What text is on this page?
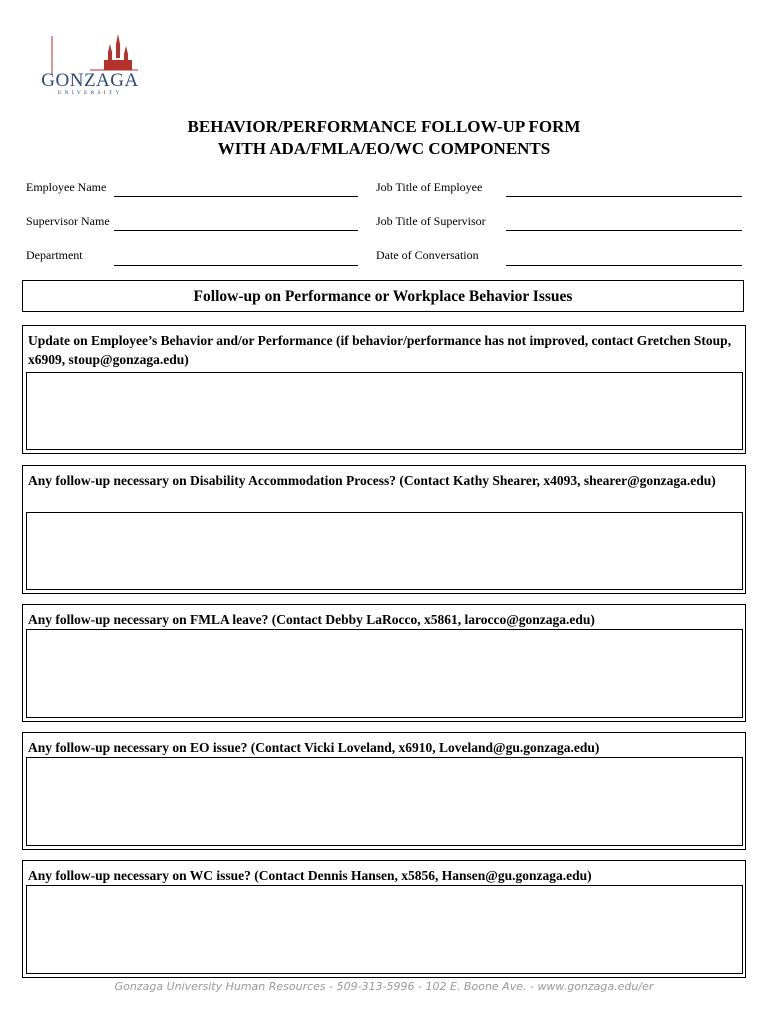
GONZAGA
UNIVERSITY
BEHAVIOR/PERFORMANCE FOLLOW-UP FORM
WITH ADA/FMLA/EO/WC COMPONENTS
Employee Name	Job Title of Employee
Supervisor Name	Job Title of Supervisor
Department	Date of Conversation
Follow-up on Performance or Workplace Behavior Issues
Update on Employee’s Behavior and/or Performance (if behavior/performance has not improved, contact Gretchen Stoup, x6909, stoup@gonzaga.edu)
Any follow-up necessary on Disability Accommodation Process? (Contact Kathy Shearer, x4093, shearer@gonzaga.edu)
Any follow-up necessary on FMLA leave? (Contact Debby LaRocco, x5861, larocco@gonzaga.edu)
Any follow-up necessary on EO issue? (Contact Vicki Loveland, x6910, Loveland@gu.gonzaga.edu)
Any follow-up necessary on WC issue? (Contact Dennis Hansen, x5856, Hansen@gu.gonzaga.edu)
Gonzaga University Human Resources - 509-313-5996 - 102 E. Boone Ave. - www.gonzaga.edu/er
